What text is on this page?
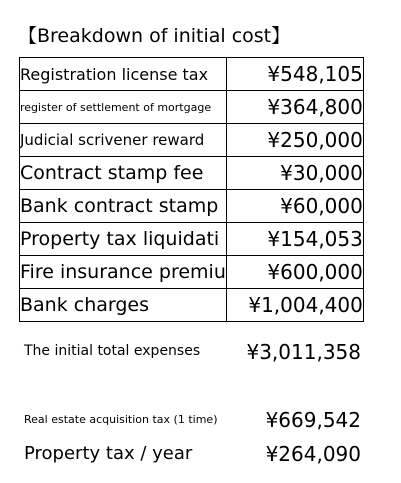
【Breakdown of initial cost】
Registration license tax	¥548,105
register of settlement of mortgage	¥364,800
Judicial scrivener reward	¥250,000
Contract stamp fee	¥30,000
Bank contract stamp	¥60,000
Property tax liquidati	¥154,053
Fire insurance premiu	¥600,000
Bank charges	¥1,004,400
The initial total expenses ¥3,011,358
Real estate acquisition tax (1 time) ¥669,542
Property tax / year	¥264,090
